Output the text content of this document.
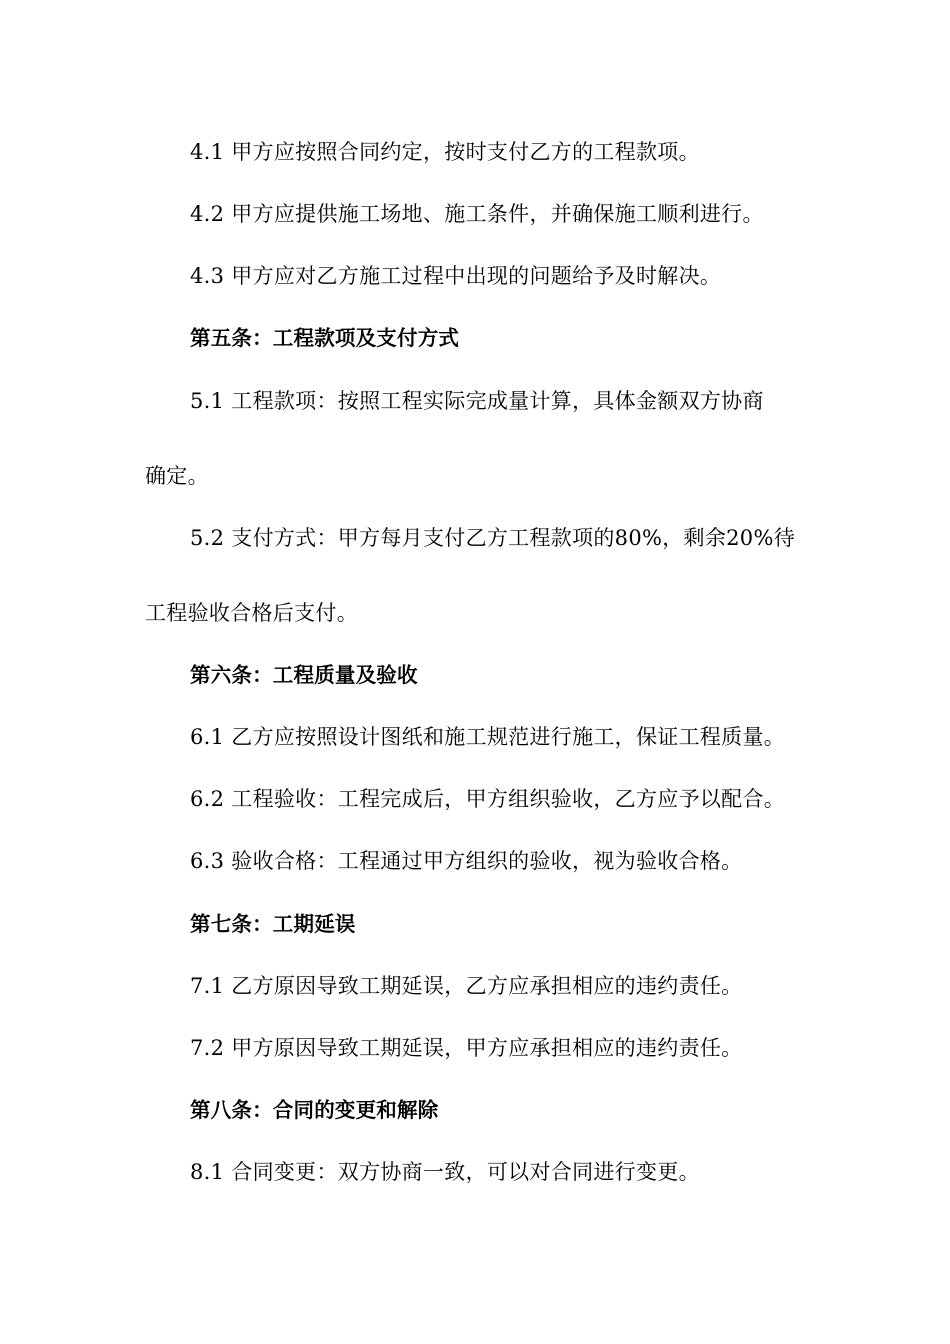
4.1 甲方应按照合同约定，按时支付乙方的工程款项。
4.2 甲方应提供施工场地、施工条件，并确保施工顺利进行。
4.3 甲方应对乙方施工过程中出现的问题给予及时解决。
第五条：工程款项及支付方式
5.1 工程款项：按照工程实际完成量计算，具体金额双方协商
确定。
5.2 支付方式：甲方每月支付乙方工程款项的80%，剩余20%待
工程验收合格后支付。
第六条：工程质量及验收
6.1 乙方应按照设计图纸和施工规范进行施工，保证工程质量。
6.2 工程验收：工程完成后，甲方组织验收，乙方应予以配合。
6.3 验收合格：工程通过甲方组织的验收，视为验收合格。
第七条：工期延误
7.1 乙方原因导致工期延误，乙方应承担相应的违约责任。
7.2 甲方原因导致工期延误，甲方应承担相应的违约责任。
第八条：合同的变更和解除
8.1 合同变更：双方协商一致，可以对合同进行变更。
